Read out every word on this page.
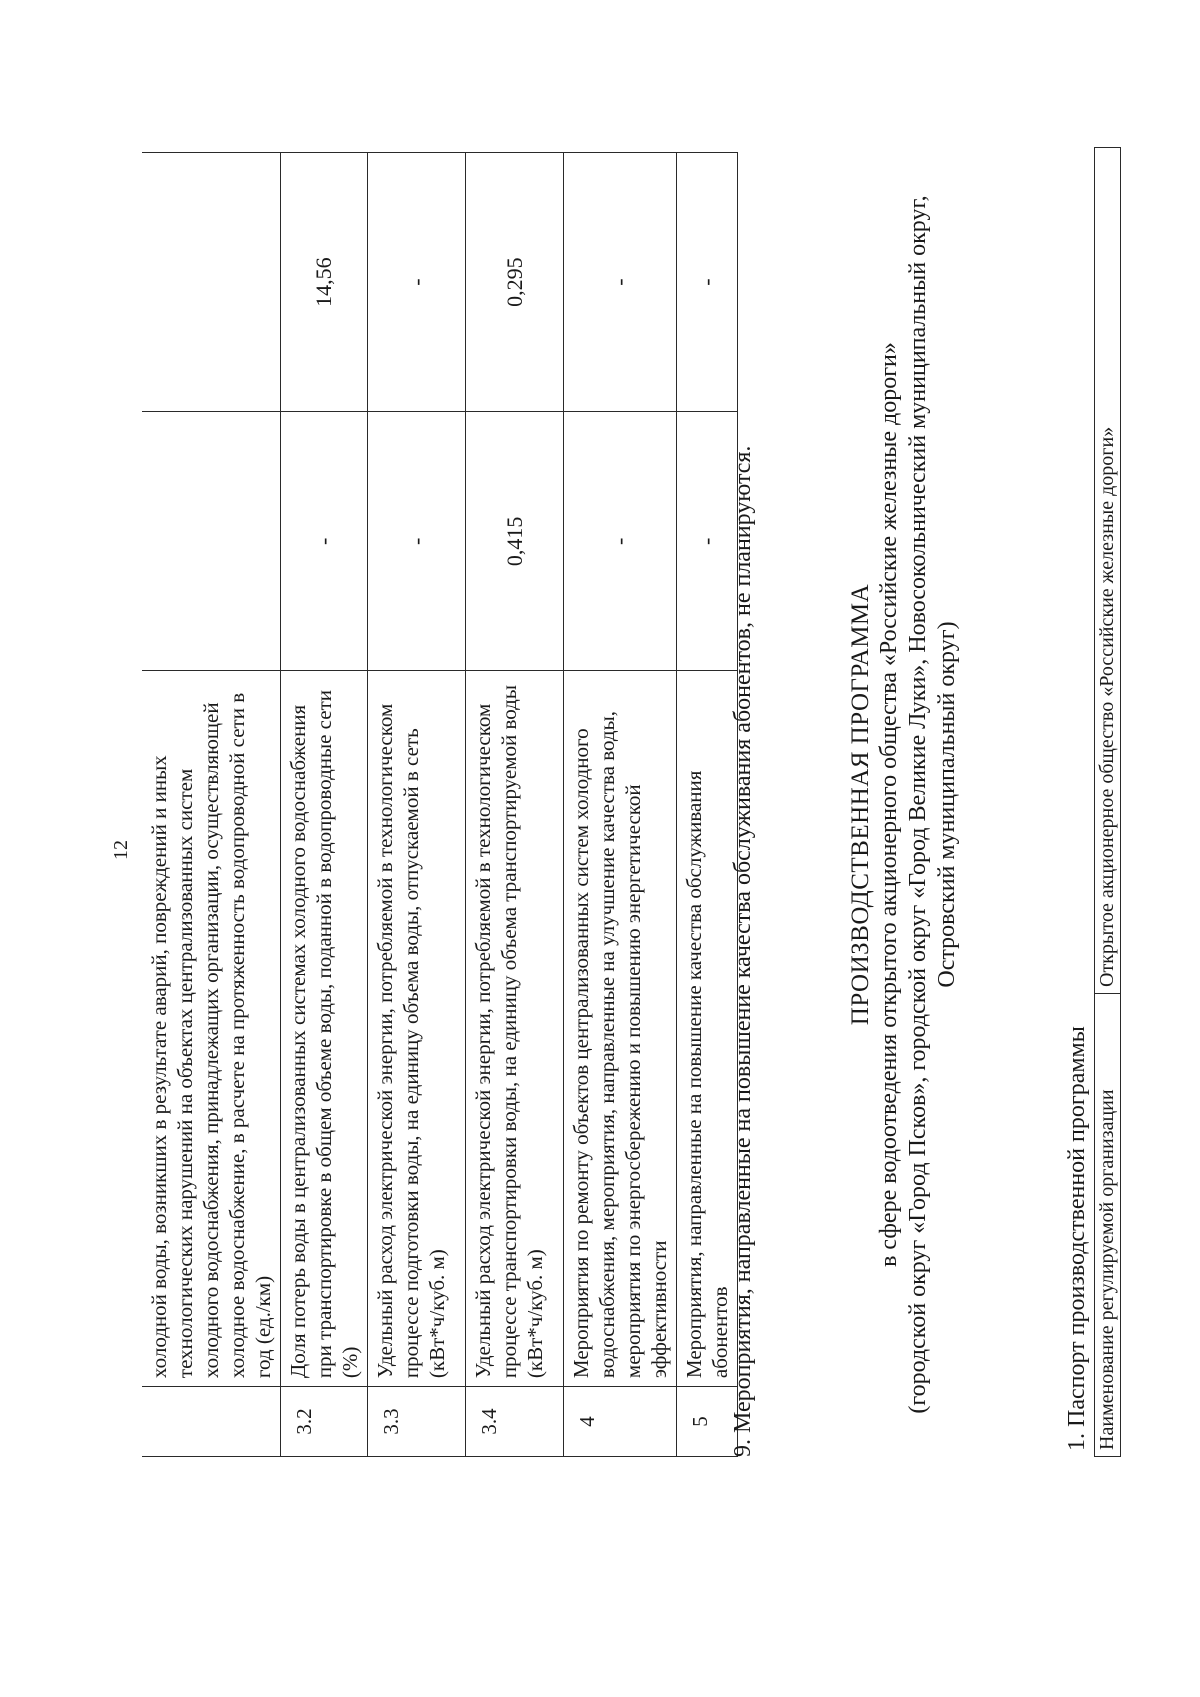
12
	холодной воды, возникших в результате аварий, повреждений и иных технологических нарушений на объектах централизованных систем холодного водоснабжения, принадлежащих организации, осуществляющей холодное водоснабжение, в расчете на протяженность водопроводной сети в год (ед./км)		
3.2	Доля потерь воды в централизованных системах холодного водоснабжения при транспортировке в общем объеме воды, поданной в водопроводные сети (%)	-	14,56
3.3	Удельный расход электрической энергии, потребляемой в технологическом процессе подготовки воды, на единицу объема воды, отпускаемой в сеть (кВт*ч/куб. м)	-	-
3.4	Удельный расход электрической энергии, потребляемой в технологическом процессе транспортировки воды, на единицу объема транспортируемой воды (кВт*ч/куб. м)	0,415	0,295
4	Мероприятия по ремонту объектов централизованных систем холодного водоснабжения, мероприятия, направленные на улучшение качества воды, мероприятия по энергосбережению и повышению энергетической эффективности	-	-
5	Мероприятия, направленные на повышение качества обслуживания абонентов	-	-
9. Мероприятия, направленные на повышение качества обслуживания абонентов, не планируются.	ПРОИЗВОДСТВЕННАЯ ПРОГРАММА в сфере водоотведения открытого акционерного общества «Российские железные дороги» (городской округ «Город Псков», городской округ «Город Великие Луки», Новосокольнический муниципальный округ, Островский муниципальный округ)
1. Паспорт производственной программы Наименование регулируемой организации	Открытое акционерное общество «Российские железные дороги»
